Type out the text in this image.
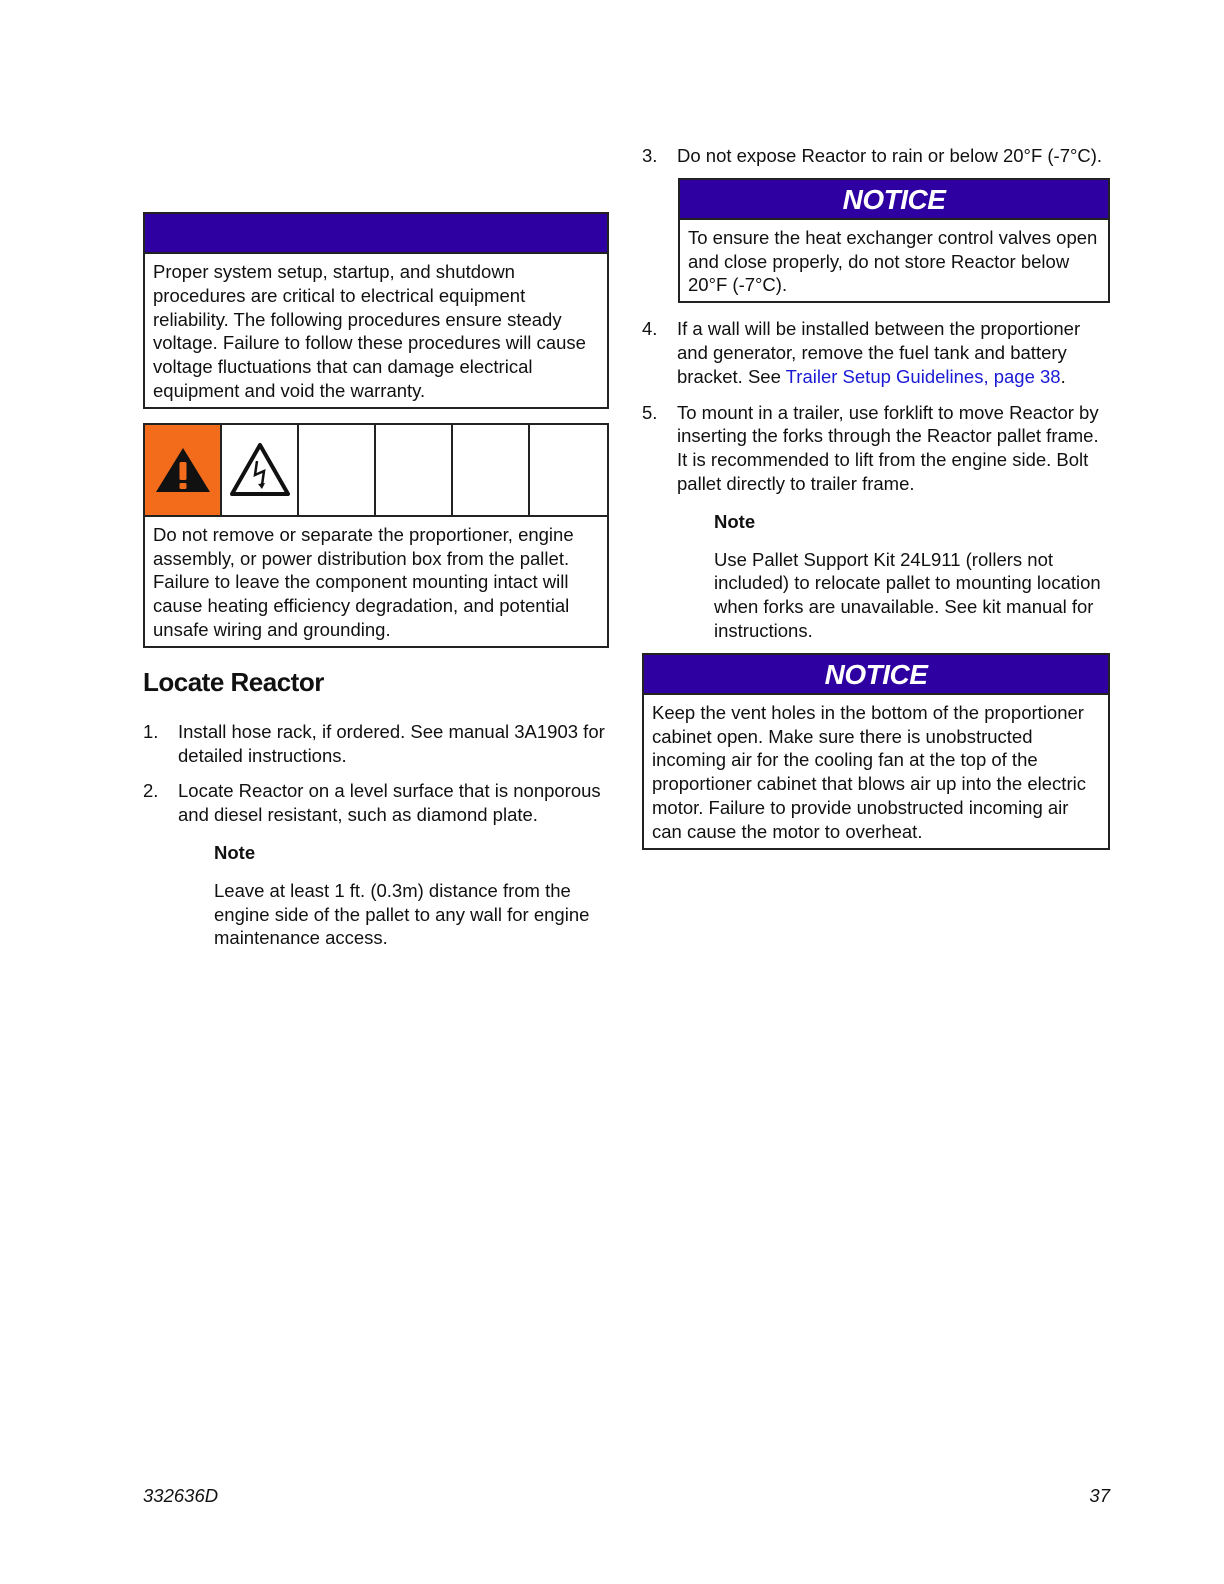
Proper system setup, startup, and shutdown procedures are critical to electrical equipment reliability. The following procedures ensure steady voltage. Failure to follow these procedures will cause voltage fluctuations that can damage electrical equipment and void the warranty.
Do not remove or separate the proportioner, engine assembly, or power distribution box from the pallet. Failure to leave the component mounting intact will cause heating efficiency degradation, and potential unsafe wiring and grounding.
Locate Reactor
1. Install hose rack, if ordered. See manual 3A1903 for detailed instructions.
2. Locate Reactor on a level surface that is nonporous and diesel resistant, such as diamond plate.
Note
Leave at least 1 ft. (0.3m) distance from the engine side of the pallet to any wall for engine maintenance access.
3. Do not expose Reactor to rain or below 20°F (-7°C).
NOTICE
To ensure the heat exchanger control valves open and close properly, do not store Reactor below 20°F (-7°C).
4. If a wall will be installed between the proportioner and generator, remove the fuel tank and battery bracket. See Trailer Setup Guidelines, page 38.
5. To mount in a trailer, use forklift to move Reactor by inserting the forks through the Reactor pallet frame. It is recommended to lift from the engine side. Bolt pallet directly to trailer frame.
Note
Use Pallet Support Kit 24L911 (rollers not included) to relocate pallet to mounting location when forks are unavailable. See kit manual for instructions.
NOTICE
Keep the vent holes in the bottom of the proportioner cabinet open. Make sure there is unobstructed incoming air for the cooling fan at the top of the proportioner cabinet that blows air up into the electric motor. Failure to provide unobstructed incoming air can cause the motor to overheat.
332636D	37
